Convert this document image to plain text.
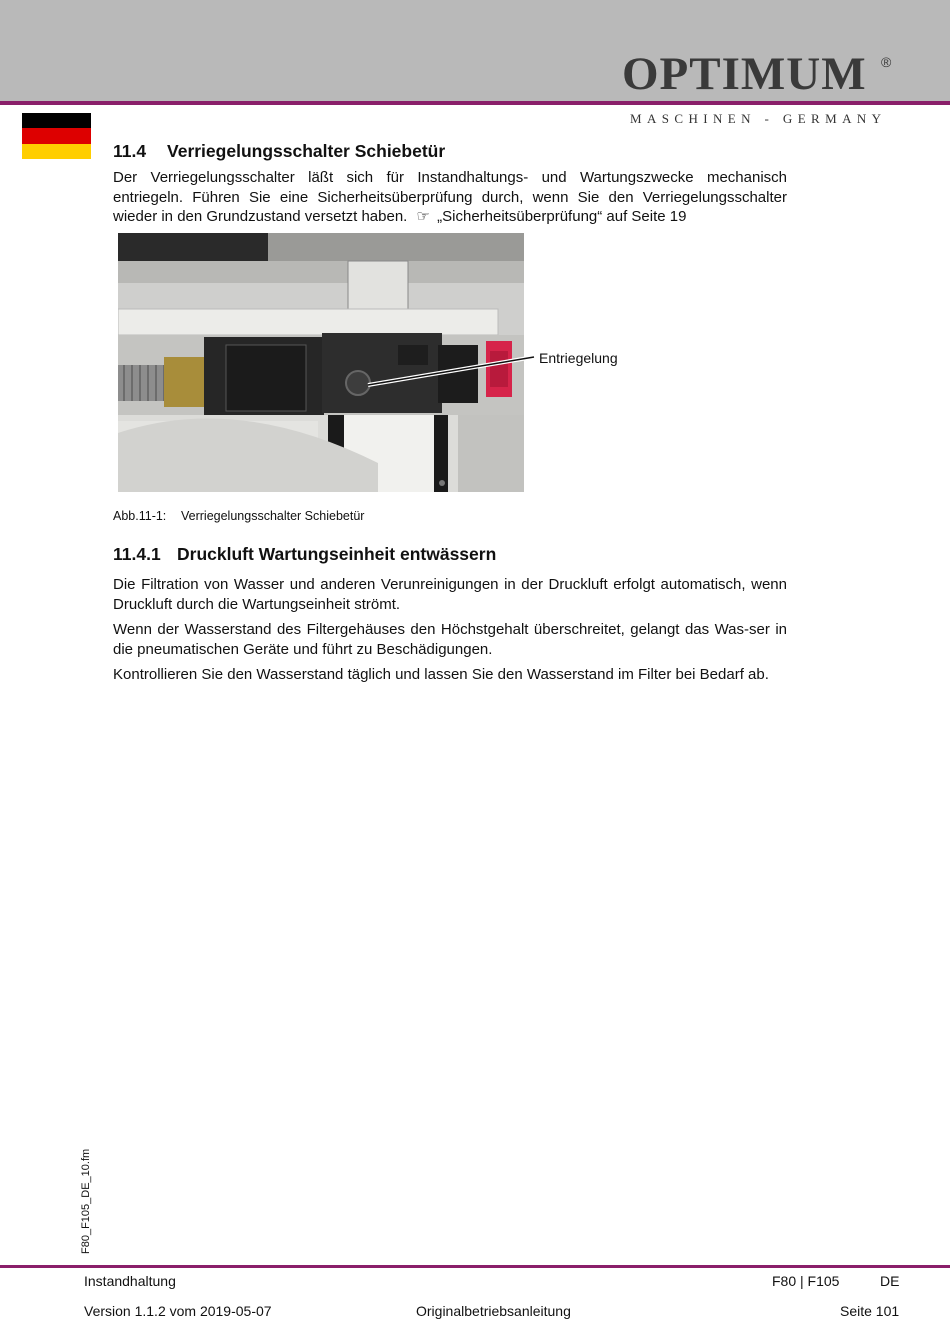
OPTIMUM ®
MASCHINEN - GERMANY
11.4 Verriegelungsschalter Schiebetür

Der Verriegelungsschalter läßt sich für Instandhaltungs- und Wartungszwecke mechanisch

entriegeln. Führen Sie eine Sicherheitsüberprüfung durch, wenn Sie den Verriegelungsschalter

wieder in den Grundzustand versetzt haben. ☞ „Sicherheitsüberprüfung“ auf Seite 19

Entriegelung
Abb.11-1: Verriegelungsschalter Schiebetür
11.4.1 Druckluft Wartungseinheit entwässern

Die Filtration von Wasser und anderen Verunreinigungen in der Druckluft erfolgt automatisch, wenn Druckluft durch die Wartungseinheit strömt.

Wenn der Wasserstand des Filtergehäuses den Höchstgehalt überschreitet, gelangt das Was-ser in die pneumatischen Geräte und führt zu Beschädigungen.

Kontrollieren Sie den Wasserstand täglich und lassen Sie den Wasserstand im Filter bei Bedarf ab.

F80_F105_DE_10.fm
Instandhaltung	F80 | F105	DE
Version 1.1.2 vom 2019-05-07	Originalbetriebsanleitung	Seite 101
